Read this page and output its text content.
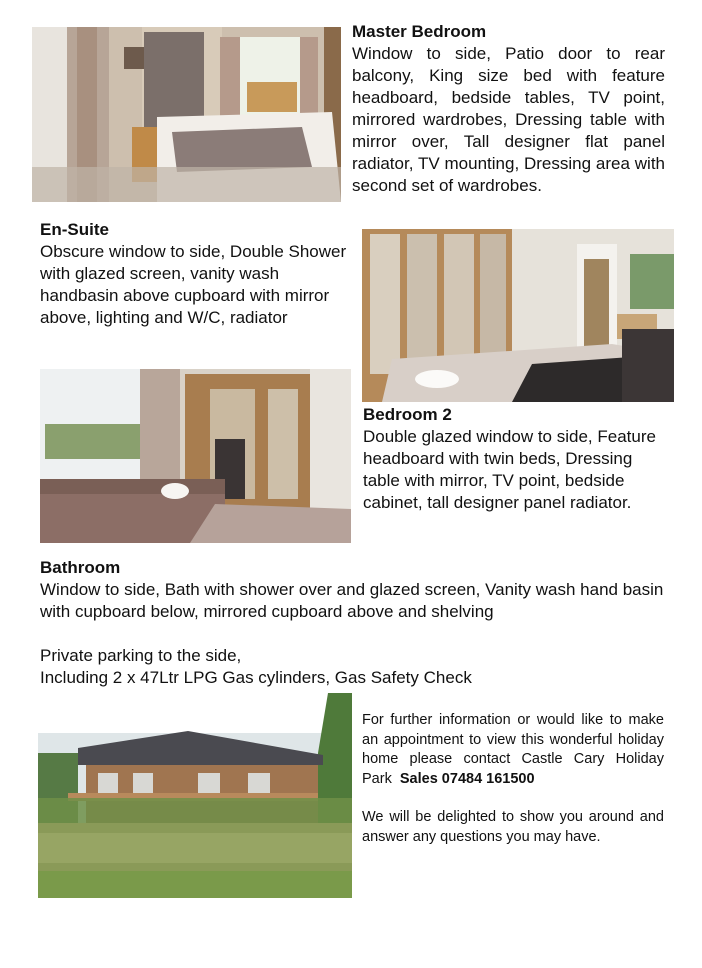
Master Bedroom

Window to side, Patio door to rear balcony, King size bed with feature headboard, bedside tables, TV point, mirrored wardrobes, Dressing table with mirror over, Tall designer flat panel radiator, TV mounting, Dressing area with second set of wardrobes.

En-Suite

Obscure window to side, Double Shower with glazed screen, vanity wash handbasin above cupboard with mirror above, lighting and W/C, radiator

Bedroom 2

Double glazed window to side, Feature headboard with twin beds, Dressing table with mirror, TV point, bedside cabinet, tall designer panel radiator.

Bathroom

Window to side, Bath with shower over and glazed screen, Vanity wash hand basin with cupboard below, mirrored cupboard above and shelving

Private parking to the side,

Including 2 x 47Ltr LPG Gas cylinders, Gas Safety Check

For further information or would like to make an appointment to view this wonderful holiday home please contact Castle Cary Holiday Park Sales 07484 161500

We will be delighted to show you around and answer any questions you may have.
